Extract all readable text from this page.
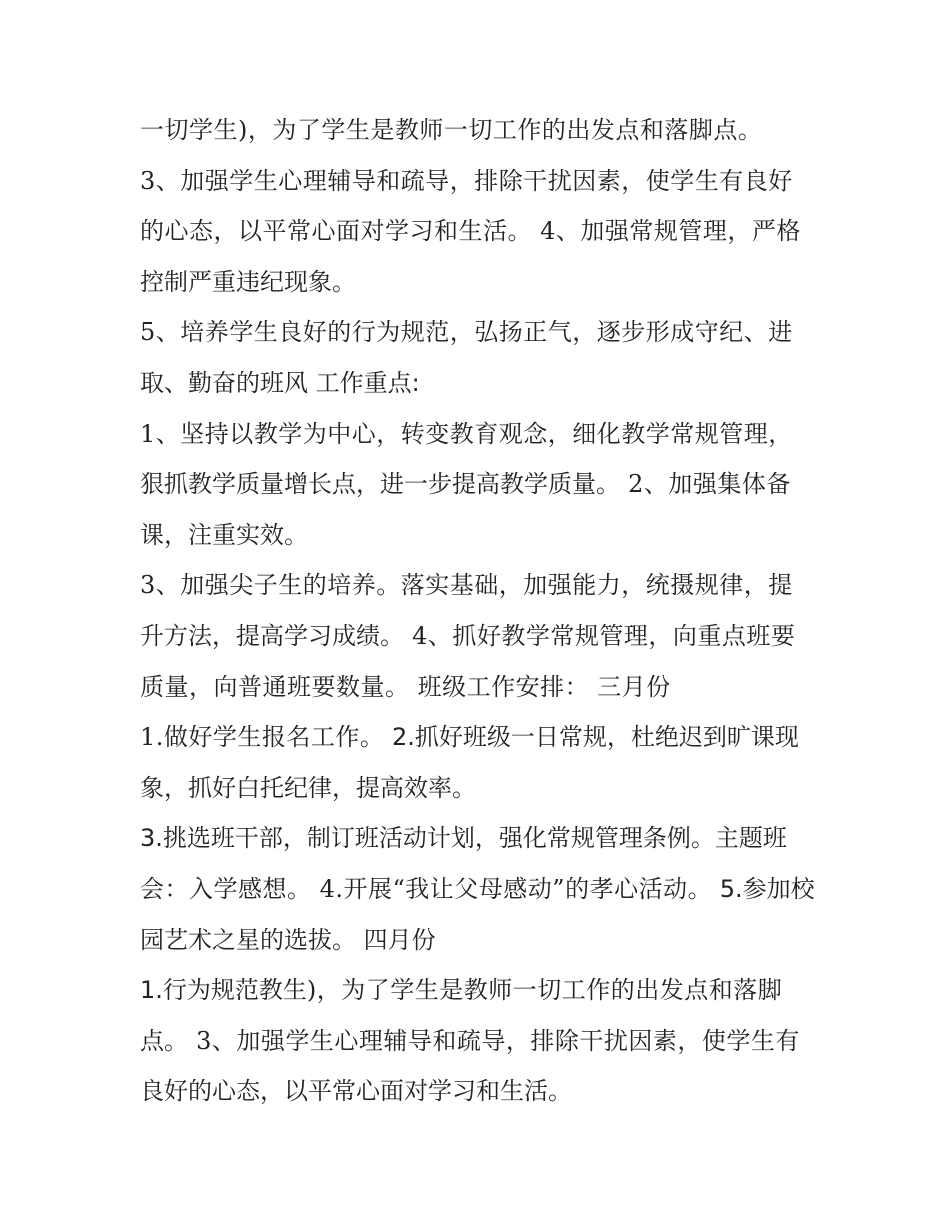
一切学生)，为了学生是教师一切工作的出发点和落脚点。
3、加强学生心理辅导和疏导，排除干扰因素，使学生有良好
的心态，以平常心面对学习和生活。 4、加强常规管理，严格
控制严重违纪现象。
5、培养学生良好的行为规范，弘扬正气，逐步形成守纪、进
取、勤奋的班风 工作重点:
1、坚持以教学为中心，转变教育观念，细化教学常规管理，
狠抓教学质量增长点，进一步提高教学质量。 2、加强集体备
课，注重实效。
3、加强尖子生的培养。落实基础，加强能力，统摄规律，提
升方法，提高学习成绩。 4、抓好教学常规管理，向重点班要
质量，向普通班要数量。 班级工作安排： 三月份
1.做好学生报名工作。 2.抓好班级一日常规，杜绝迟到旷课现
象，抓好白托纪律，提高效率。
3.挑选班干部，制订班活动计划，强化常规管理条例。主题班
会：入学感想。 4.开展“我让父母感动”的孝心活动。 5.参加校
园艺术之星的选拔。 四月份
1.行为规范教生)，为了学生是教师一切工作的出发点和落脚
点。 3、加强学生心理辅导和疏导，排除干扰因素，使学生有
良好的心态，以平常心面对学习和生活。
